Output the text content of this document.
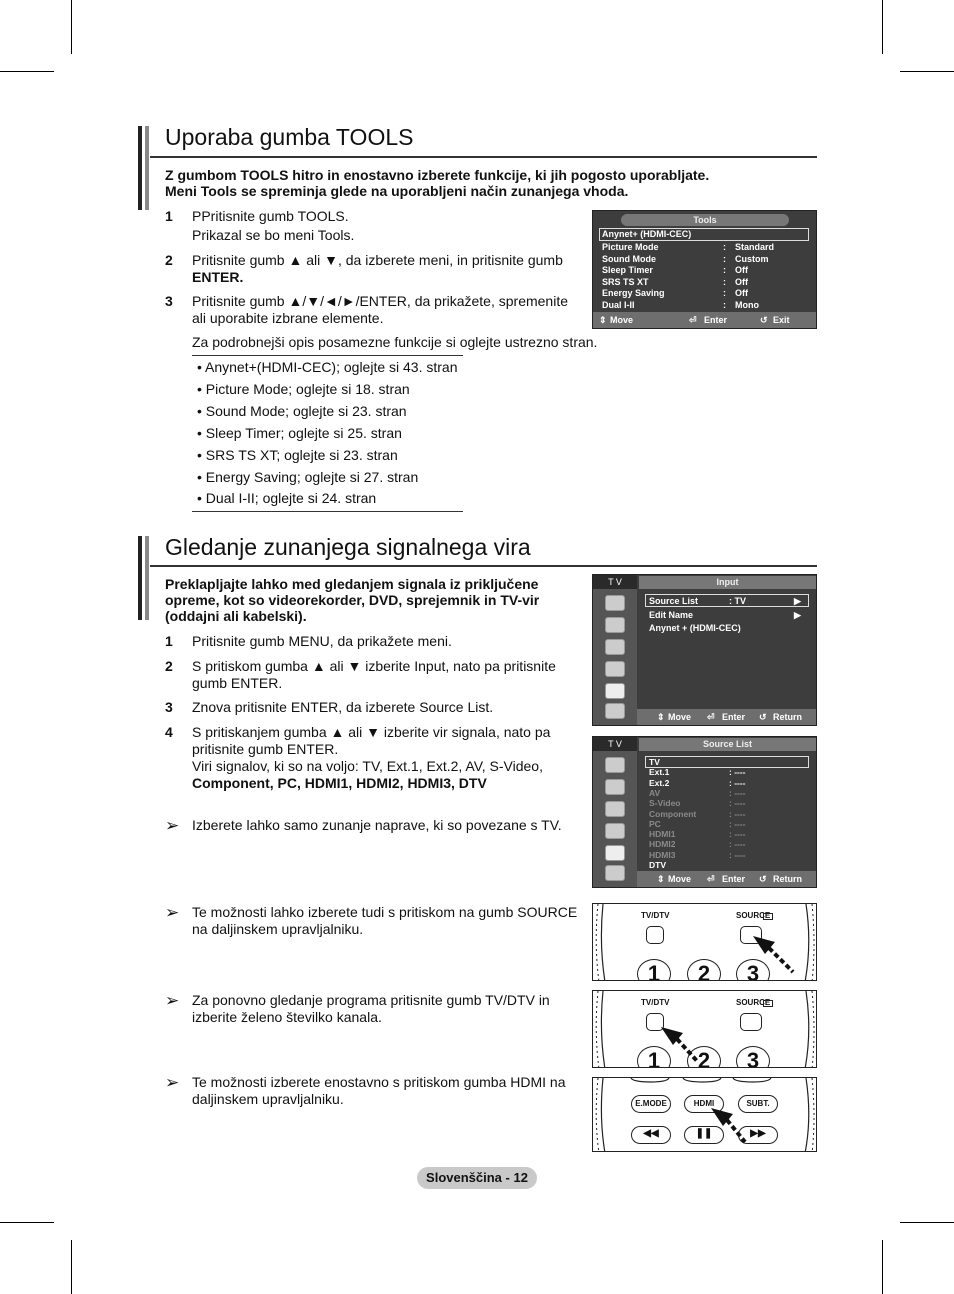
Uporaba gumba TOOLS
Z gumbom TOOLS hitro in enostavno izberete funkcije, ki jih pogosto uporabljate.
Meni Tools se spreminja glede na uporabljeni način zunanjega vhoda.
1 PPritisnite gumb TOOLS.
Prikazal se bo meni Tools.
2 Pritisnite gumb ▲ ali ▼, da izberete meni, in pritisnite gumb
ENTER.
3 Pritisnite gumb ▲/▼/◄/►/ENTER, da prikažete, spremenite
ali uporabite izbrane elemente.
Za podrobnejši opis posamezne funkcije si oglejte ustrezno stran.
• Anynet+(HDMI-CEC); oglejte si 43. stran
• Picture Mode; oglejte si 18. stran
• Sound Mode; oglejte si 23. stran
• Sleep Timer; oglejte si 25. stran
• SRS TS XT; oglejte si 23. stran
• Energy Saving; oglejte si 27. stran
• Dual I-II; oglejte si 24. stran
Tools
Anynet+ (HDMI-CEC)
Picture Mode	: Standard
Sound Mode	: Custom
Sleep Timer	: Off
SRS TS XT	: Off
Energy Saving	: Off
Dual I-II	: Mono
⇕ Move	⏎ Enter	↺ Exit
Gledanje zunanjega signalnega vira
Preklapljajte lahko med gledanjem signala iz priključene
opreme, kot so videorekorder, DVD, sprejemnik in TV-vir
(oddajni ali kabelski).
1 Pritisnite gumb MENU, da prikažete meni.
2 S pritiskom gumba ▲ ali ▼ izberite Input, nato pa pritisnite
gumb ENTER.
3 Znova pritisnite ENTER, da izberete Source List.
4 S pritiskanjem gumba ▲ ali ▼ izberite vir signala, nato pa
pritisnite gumb ENTER.
Viri signalov, ki so na voljo: TV, Ext.1, Ext.2, AV, S-Video,
Component, PC, HDMI1, HDMI2, HDMI3, DTV
➢ Izberete lahko samo zunanje naprave, ki so povezane s TV.
➢ Te možnosti lahko izberete tudi s pritiskom na gumb SOURCE
na daljinskem upravljalniku.
➢ Za ponovno gledanje programa pritisnite gumb TV/DTV in
izberite želeno številko kanala.
➢ Te možnosti izberete enostavno s pritiskom gumba HDMI na
daljinskem upravljalniku.
T V	Input
Source List	: TV	▶
Edit Name	▶
Anynet + (HDMI-CEC)
⇕ Move ⏎ Enter ↺ Return
T V	Source List
TV
Ext.1	: ----
Ext.2	: ----
AV	: ----
S-Video	: ----
Component	: ----
PC	: ----
HDMI1	: ----
HDMI2	: ----
HDMI3	: ----
DTV
⇕ Move ⏎ Enter ↺ Return
TV/DTV	SOURCE
1	2	3
TV/DTV	SOURCE
1	2	3
E.MODE	HDMI	SUBT.
◀◀	❚❚	▶▶
Slovenščina - 12
